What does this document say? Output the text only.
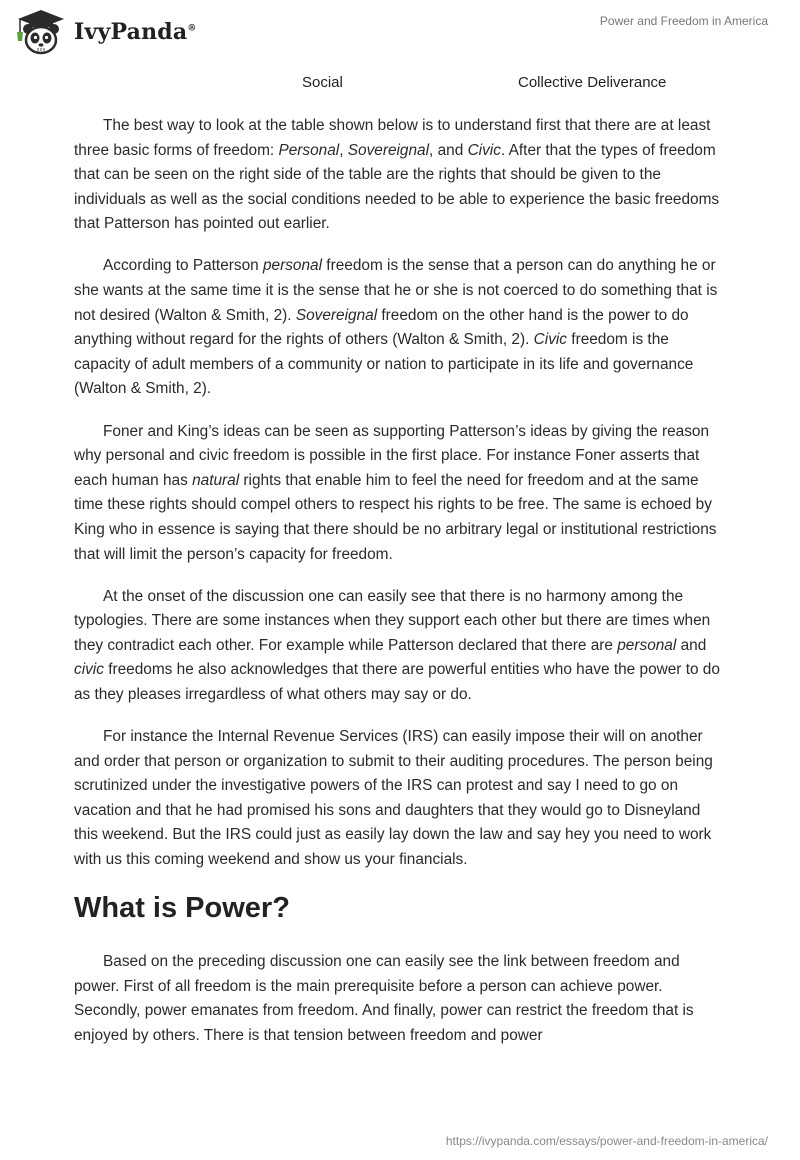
IvyPanda®
Power and Freedom in America
Social	Collective Deliverance

The best way to look at the table shown below is to understand first that there are at least three basic forms of freedom: Personal, Sovereignal, and Civic. After that the types of freedom that can be seen on the right side of the table are the rights that should be given to the individuals as well as the social conditions needed to be able to experience the basic freedoms that Patterson has pointed out earlier.

According to Patterson personal freedom is the sense that a person can do anything he or she wants at the same time it is the sense that he or she is not coerced to do something that is not desired (Walton & Smith, 2). Sovereignal freedom on the other hand is the power to do anything without regard for the rights of others (Walton & Smith, 2). Civic freedom is the capacity of adult members of a community or nation to participate in its life and governance (Walton & Smith, 2).

Foner and King’s ideas can be seen as supporting Patterson’s ideas by giving the reason why personal and civic freedom is possible in the first place. For instance Foner asserts that each human has natural rights that enable him to feel the need for freedom and at the same time these rights should compel others to respect his rights to be free. The same is echoed by King who in essence is saying that there should be no arbitrary legal or institutional restrictions that will limit the person’s capacity for freedom.

At the onset of the discussion one can easily see that there is no harmony among the typologies. There are some instances when they support each other but there are times when they contradict each other. For example while Patterson declared that there are personal and civic freedoms he also acknowledges that there are powerful entities who have the power to do as they pleases irregardless of what others may say or do.

For instance the Internal Revenue Services (IRS) can easily impose their will on another and order that person or organization to submit to their auditing procedures. The person being scrutinized under the investigative powers of the IRS can protest and say I need to go on vacation and that he had promised his sons and daughters that they would go to Disneyland this weekend. But the IRS could just as easily lay down the law and say hey you need to work with us this coming weekend and show us your financials.

What is Power?

Based on the preceding discussion one can easily see the link between freedom and power. First of all freedom is the main prerequisite before a person can achieve power. Secondly, power emanates from freedom. And finally, power can restrict the freedom that is enjoyed by others. There is that tension between freedom and power

https://ivypanda.com/essays/power-and-freedom-in-america/
